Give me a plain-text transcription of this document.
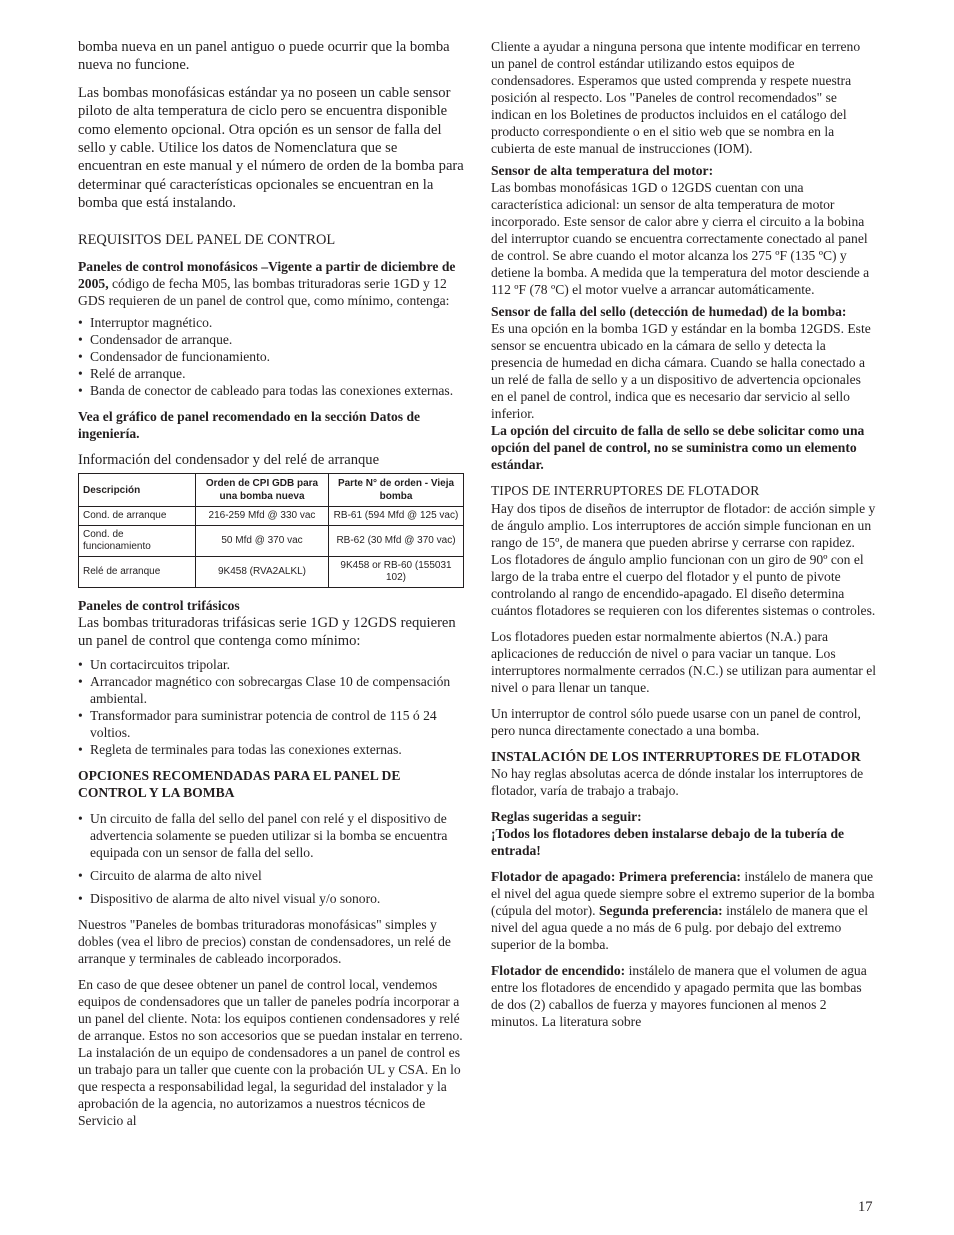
bomba nueva en un panel antiguo o puede ocurrir que la bomba nueva no funcione.

Las bombas monofásicas estándar ya no poseen un cable sensor piloto de alta temperatura de ciclo pero se encuentra disponible como elemento opcional. Otra opción es un sensor de falla del sello y cable. Utilice los datos de Nomenclatura que se encuentran en este manual y el número de orden de la bomba para determinar qué características opcionales se encuentran en la bomba que está instalando.

REQUISITOS DEL PANEL DE CONTROL

Paneles de control monofásicos –Vigente a partir de diciembre de 2005, código de fecha M05, las bombas trituradoras serie 1GD y 12 GDS requieren de un panel de control que, como mínimo, contenga:

• Interruptor magnético.
• Condensador de arranque.
• Condensador de funcionamiento.
• Relé de arranque.
• Banda de conector de cableado para todas las conexiones externas.

Vea el gráfico de panel recomendado en la sección Datos de ingeniería.

Información del condensador y del relé de arranque

Descripción	Orden de CPI GDB para una bomba nueva	Parte N° de orden - Vieja bomba
Cond. de arranque	216-259 Mfd @ 330 vac	RB-61 (594 Mfd @ 125 vac)
Cond. de funcionamiento	50 Mfd @ 370 vac	RB-62 (30 Mfd @ 370 vac)
Relé de arranque	9K458 (RVA2ALKL)	9K458 or RB-60 (155031 102)

Paneles de control trifásicos

Las bombas trituradoras trifásicas serie 1GD y 12GDS requieren un panel de control que contenga como mínimo:

• Un cortacircuitos tripolar.
• Arrancador magnético con sobrecargas Clase 10 de compensación ambiental.
• Transformador para suministrar potencia de control de 115 ó 24 voltios.
• Regleta de terminales para todas las conexiones externas.

OPCIONES RECOMENDADAS PARA EL PANEL DE CONTROL Y LA BOMBA

• Un circuito de falla del sello del panel con relé y el dispositivo de advertencia solamente se pueden utilizar si la bomba se encuentra equipada con un sensor de falla del sello.
• Circuito de alarma de alto nivel
• Dispositivo de alarma de alto nivel visual y/o sonoro.

Nuestros "Paneles de bombas trituradoras monofásicas" simples y dobles (vea el libro de precios) constan de condensadores, un relé de arranque y terminales de cableado incorporados.

En caso de que desee obtener un panel de control local, vendemos equipos de condensadores que un taller de paneles podría incorporar a un panel del cliente. Nota: los equipos contienen condensadores y relé de arranque. Estos no son accesorios que se puedan instalar en terreno. La instalación de un equipo de condensadores a un panel de control es un trabajo para un taller que cuente con la probación UL y CSA. En lo que respecta a responsabilidad legal, la seguridad del instalador y la aprobación de la agencia, no autorizamos a nuestros técnicos de Servicio al

Cliente a ayudar a ninguna persona que intente modificar en terreno un panel de control estándar utilizando estos equipos de condensadores. Esperamos que usted comprenda y respete nuestra posición al respecto. Los "Paneles de control recomendados" se indican en los Boletines de productos incluidos en el catálogo del producto correspondiente o en el sitio web que se nombra en la cubierta de este manual de instrucciones (IOM).

Sensor de alta temperatura del motor:

Las bombas monofásicas 1GD o 12GDS cuentan con una característica adicional: un sensor de alta temperatura de motor incorporado. Este sensor de calor abre y cierra el circuito a la bobina del interruptor cuando se encuentra correctamente conectado al panel de control. Se abre cuando el motor alcanza los 275 ºF (135 ºC) y detiene la bomba. A medida que la temperatura del motor desciende a 112 ºF (78 ºC) el motor vuelve a arrancar automáticamente.

Sensor de falla del sello (detección de humedad) de la bomba:

Es una opción en la bomba 1GD y estándar en la bomba 12GDS. Este sensor se encuentra ubicado en la cámara de sello y detecta la presencia de humedad en dicha cámara. Cuando se halla conectado a un relé de falla de sello y a un dispositivo de advertencia opcionales en el panel de control, indica que es necesario dar servicio al sello inferior.

La opción del circuito de falla de sello se debe solicitar como una opción del panel de control, no se suministra como un elemento estándar.

TIPOS DE INTERRUPTORES DE FLOTADOR

Hay dos tipos de diseños de interruptor de flotador: de acción simple y de ángulo amplio. Los interruptores de acción simple funcionan en un rango de 15º, de manera que pueden abrirse y cerrarse con rapidez. Los flotadores de ángulo amplio funcionan con un giro de 90º con el largo de la traba entre el cuerpo del flotador y el punto de pivote controlando al rango de encendido-apagado. El diseño determina cuántos flotadores se requieren con los diferentes sistemas o controles.

Los flotadores pueden estar normalmente abiertos (N.A.) para aplicaciones de reducción de nivel o para vaciar un tanque. Los interruptores normalmente cerrados (N.C.) se utilizan para aumentar el nivel o para llenar un tanque.

Un interruptor de control sólo puede usarse con un panel de control, pero nunca directamente conectado a una bomba.

INSTALACIÓN DE LOS INTERRUPTORES DE FLOTADOR

No hay reglas absolutas acerca de dónde instalar los interruptores de flotador, varía de trabajo a trabajo.

Reglas sugeridas a seguir:

¡Todos los flotadores deben instalarse debajo de la tubería de entrada!

Flotador de apagado: Primera preferencia: instálelo de manera que el nivel del agua quede siempre sobre el extremo superior de la bomba (cúpula del motor). Segunda preferencia: instálelo de manera que el nivel del agua quede a no más de 6 pulg. por debajo del extremo superior de la bomba.

Flotador de encendido: instálelo de manera que el volumen de agua entre los flotadores de encendido y apagado permita que las bombas de dos (2) caballos de fuerza y mayores funcionen al menos 2 minutos. La literatura sobre

17
